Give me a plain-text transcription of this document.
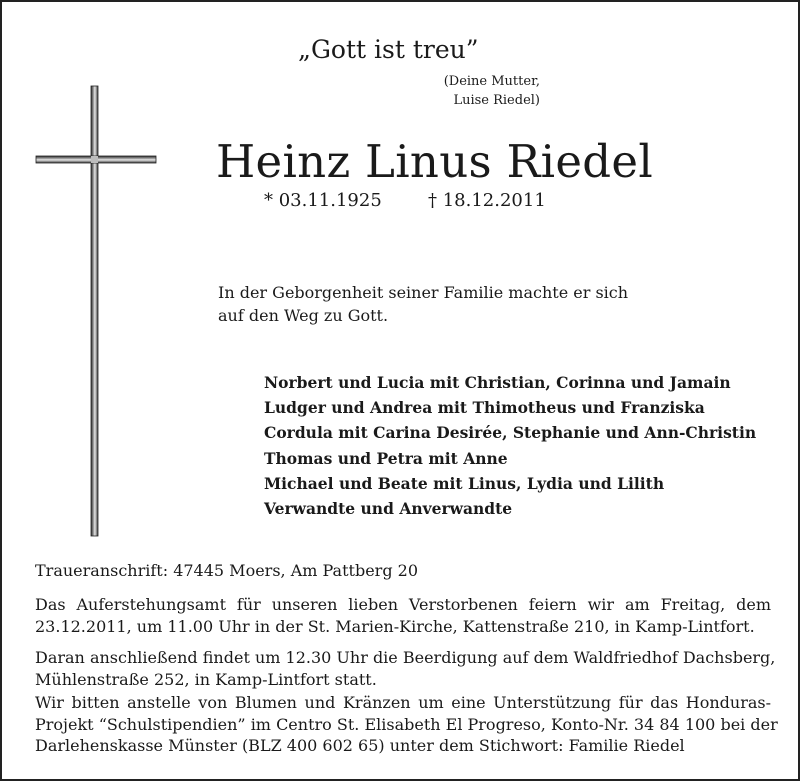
„Gott ist treu”
(Deine Mutter,
Luise Riedel)
Heinz Linus Riedel
* 03.11.1925	† 18.12.2011
In der Geborgenheit seiner Familie machte er sich
auf den Weg zu Gott.
Norbert und Lucia mit Christian, Corinna und Jamain
Ludger und Andrea mit Thimotheus und Franziska
Cordula mit Carina Desirée, Stephanie und Ann-Christin
Thomas und Petra mit Anne
Michael und Beate mit Linus, Lydia und Lilith
Verwandte und Anverwandte
Traueranschrift: 47445 Moers, Am Pattberg 20

Das Auferstehungsamt für unseren lieben Verstorbenen feiern wir am Freitag, dem
23.12.2011, um 11.00 Uhr in der St. Marien-Kirche, Kattenstraße 210, in Kamp-Lintfort.

Daran anschließend findet um 12.30 Uhr die Beerdigung auf dem Waldfriedhof Dachsberg,
Mühlenstraße 252, in Kamp-Lintfort statt.

Wir bitten anstelle von Blumen und Kränzen um eine Unterstützung für das Honduras-
Projekt “Schulstipendien” im Centro St. Elisabeth El Progreso, Konto-Nr. 34 84 100 bei der
Darlehenskasse Münster (BLZ 400 602 65) unter dem Stichwort: Familie Riedel
